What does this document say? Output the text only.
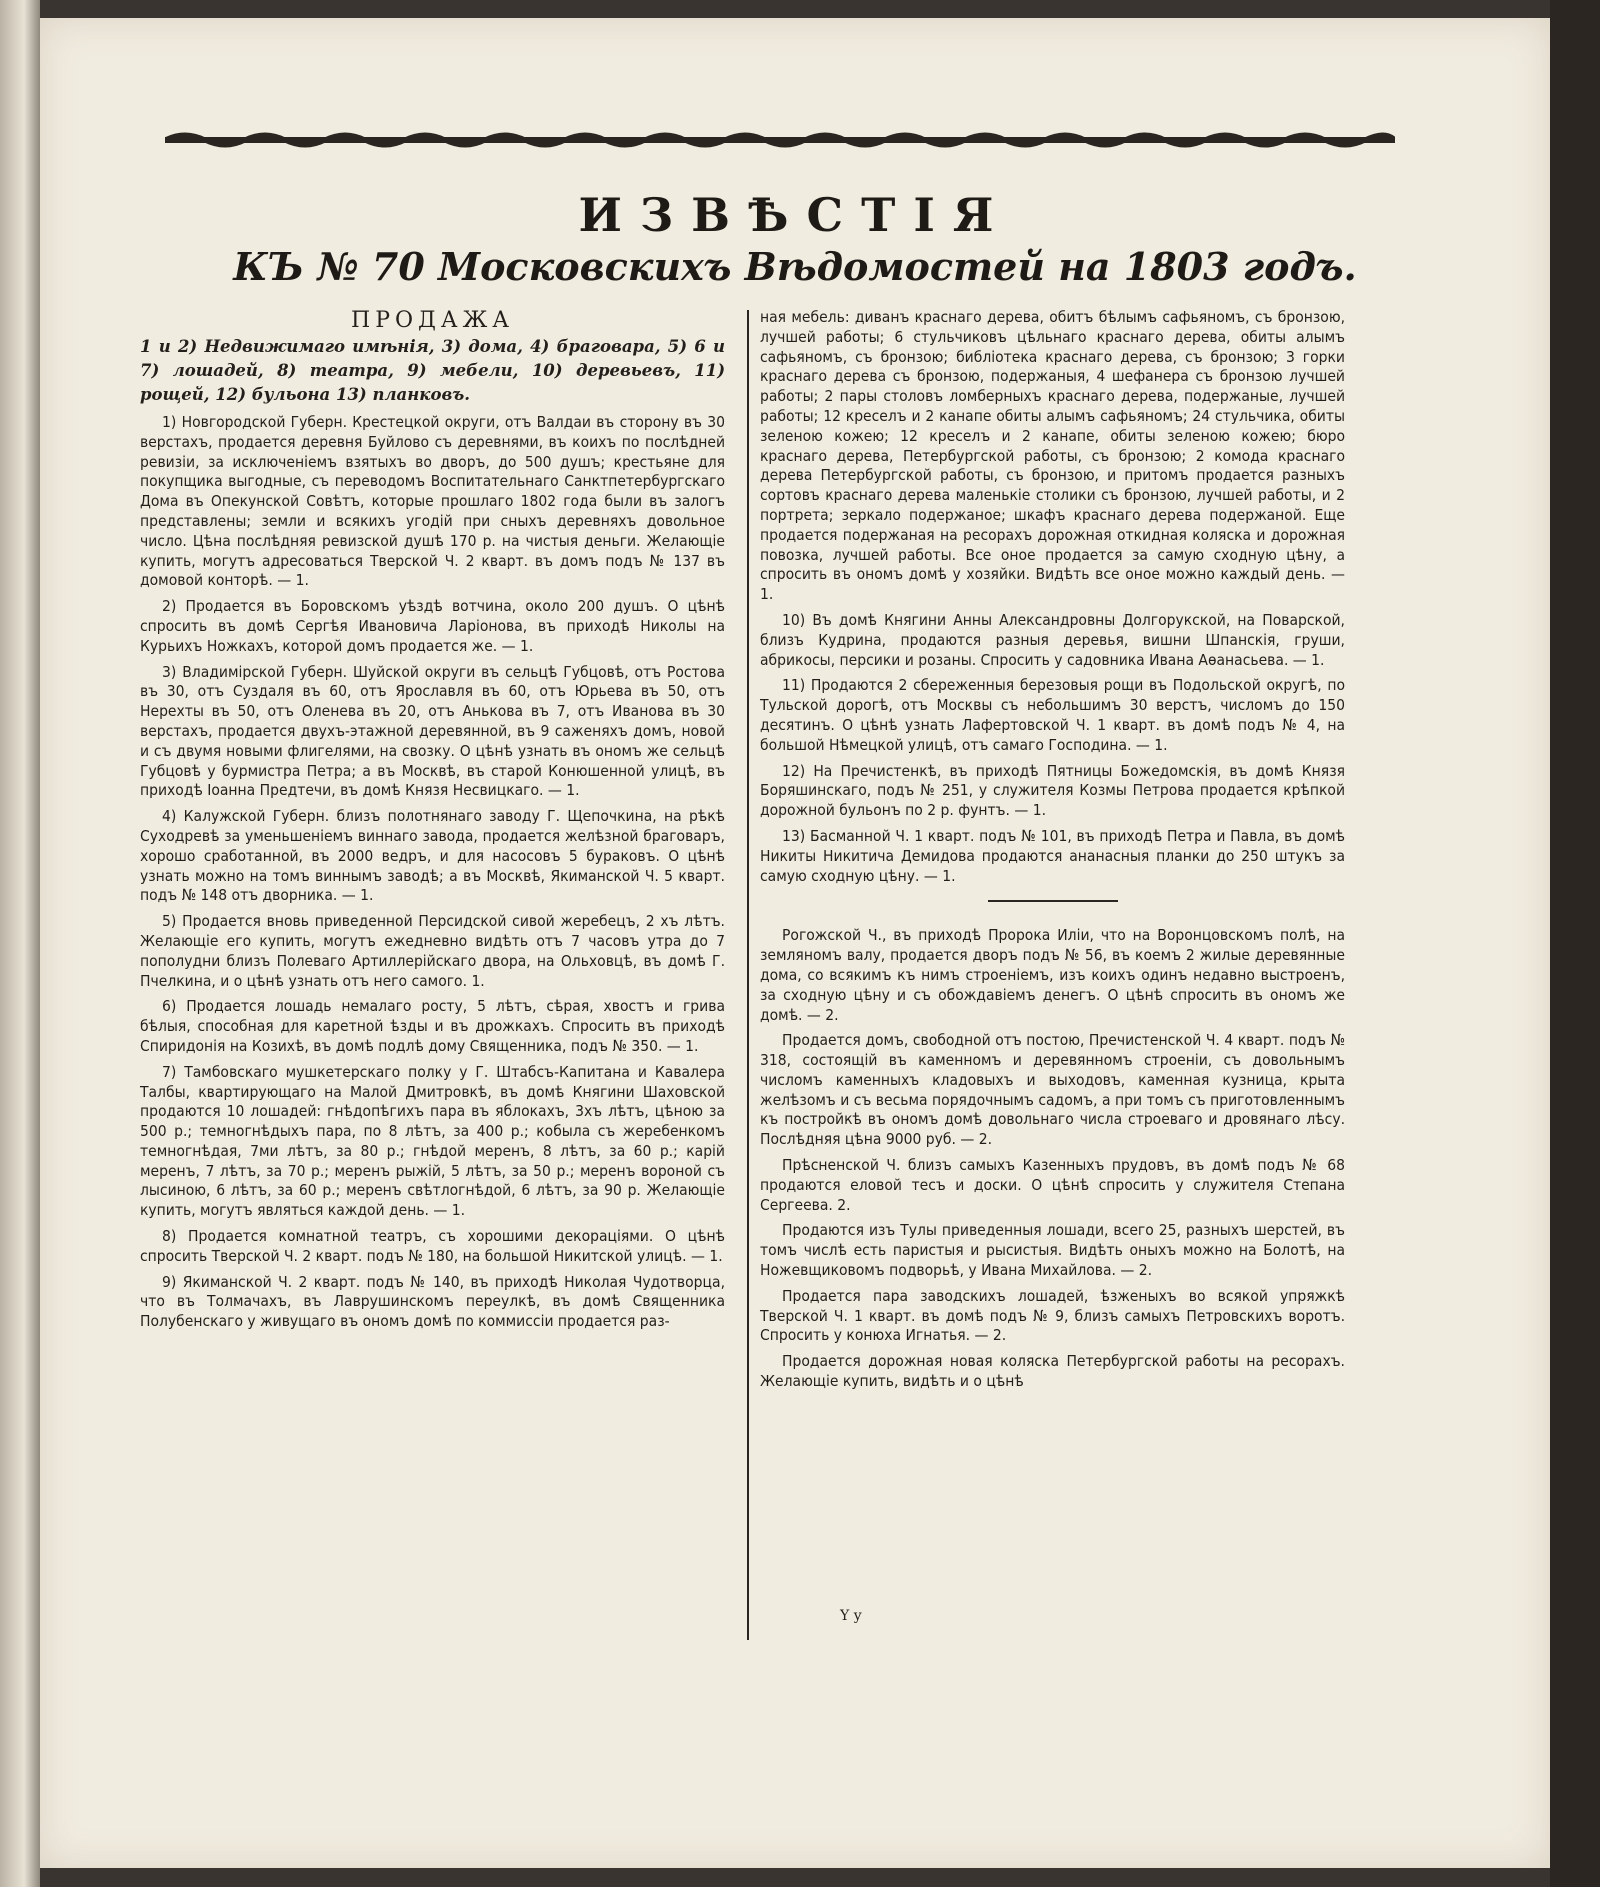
ИЗВѢСТІЯ
КЪ № 70 Московскихъ Вѣдомостей на 1803 годъ.
ПРОДАЖА
1 и 2) Недвижимаго имѣнія, 3) дома, 4) браговара, 5) 6 и 7) лошадей, 8) театра, 9) мебели, 10) деревьевъ, 11) рощей, 12) бульона 13) планковъ.
1) Новгородской Губерн. Крестецкой округи, отъ Валдаи въ сторону въ 30 верстахъ, продается деревня Буйлово съ деревнями, въ коихъ по послѣдней ревизіи, за исключеніемъ взятыхъ во дворъ, до 500 душъ; крестьяне для покупщика выгодные, съ переводомъ Воспитательнаго Санктпетербургскаго Дома въ Опекунской Совѣтъ, которые прошлаго 1802 года были въ залогъ представлены; земли и всякихъ угодій при сныхъ деревняхъ довольное число. Цѣна послѣдняя ревизской душѣ 170 р. на чистыя деньги. Желающіе купить, могутъ адресоваться Тверской Ч. 2 кварт. въ домъ подъ № 137 въ домовой конторѣ. — 1.
2) Продается въ Боровскомъ уѣздѣ вотчина, около 200 душъ. О цѣнѣ спросить въ домѣ Сергѣя Ивановича Ларіонова, въ приходѣ Николы на Курьихъ Ножкахъ, которой домъ продается же. — 1.
3) Владимірской Губерн. Шуйской округи въ сельцѣ Губцовѣ, отъ Ростова въ 30, отъ Суздаля въ 60, отъ Ярославля въ 60, отъ Юрьева въ 50, отъ Нерехты въ 50, отъ Оленева въ 20, отъ Анькова въ 7, отъ Иванова въ 30 верстахъ, продается двухъ-этажной деревянной, въ 9 саженяхъ домъ, новой и съ двумя новыми флигелями, на свозку. О цѣнѣ узнать въ ономъ же сельцѣ Губцовѣ у бурмистра Петра; а въ Москвѣ, въ старой Конюшенной улицѣ, въ приходѣ Іоанна Предтечи, въ домѣ Князя Несвицкаго. — 1.
4) Калужской Губерн. близъ полотнянаго заводу Г. Щепочкина, на рѣкѣ Суходревѣ за уменьшеніемъ виннаго завода, продается желѣзной браговаръ, хорошо сработанной, въ 2000 ведръ, и для насосовъ 5 бураковъ. О цѣнѣ узнать можно на томъ виннымъ заводѣ; а въ Москвѣ, Якиманской Ч. 5 кварт. подъ № 148 отъ дворника. — 1.
5) Продается вновь приведенной Персидской сивой жеребецъ, 2 хъ лѣтъ. Желающіе его купить, могутъ ежедневно видѣть отъ 7 часовъ утра до 7 пополудни близъ Полеваго Артиллерійскаго двора, на Ольховцѣ, въ домѣ Г. Пчелкина, и о цѣнѣ узнать отъ него самого. 1.
6) Продается лошадь немалаго росту, 5 лѣтъ, сѣрая, хвостъ и грива бѣлыя, способная для каретной ѣзды и въ дрожкахъ. Спросить въ приходѣ Спиридонія на Козихѣ, въ домѣ подлѣ дому Священника, подъ № 350. — 1.
7) Тамбовскаго мушкетерскаго полку у Г. Штабсъ-Капитана и Кавалера Талбы, квартирующаго на Малой Дмитровкѣ, въ домѣ Княгини Шаховской продаются 10 лошадей: гнѣдопѣгихъ пара въ яблокахъ, 3хъ лѣтъ, цѣною за 500 р.; темногнѣдыхъ пара, по 8 лѣтъ, за 400 р.; кобыла съ жеребенкомъ темногнѣдая, 7ми лѣтъ, за 80 р.; гнѣдой меренъ, 8 лѣтъ, за 60 р.; карій меренъ, 7 лѣтъ, за 70 р.; меренъ рыжій, 5 лѣтъ, за 50 р.; меренъ вороной съ лысиною, 6 лѣтъ, за 60 р.; меренъ свѣтлогнѣдой, 6 лѣтъ, за 90 р. Желающіе купить, могутъ являться каждой день. — 1.
8) Продается комнатной театръ, съ хорошими декораціями. О цѣнѣ спросить Тверской Ч. 2 кварт. подъ № 180, на большой Никитской улицѣ. — 1.
9) Якиманской Ч. 2 кварт. подъ № 140, въ приходѣ Николая Чудотворца, что въ Толмачахъ, въ Лаврушинскомъ переулкѣ, въ домѣ Священника Полубенскаго у живущаго въ ономъ домѣ по коммиссіи продается раз-
ная мебель: диванъ краснаго дерева, обитъ бѣлымъ сафьяномъ, съ бронзою, лучшей работы; 6 стульчиковъ цѣльнаго краснаго дерева, обиты алымъ сафьяномъ, съ бронзою; библіотека краснаго дерева, съ бронзою; 3 горки краснаго дерева съ бронзою, подержаныя, 4 шефанера съ бронзою лучшей работы; 2 пары столовъ ломберныхъ краснаго дерева, подержаные, лучшей работы; 12 креселъ и 2 канапе обиты алымъ сафьяномъ; 24 стульчика, обиты зеленою кожею; 12 креселъ и 2 канапе, обиты зеленою кожею; бюро краснаго дерева, Петербургской работы, съ бронзою; 2 комода краснаго дерева Петербургской работы, съ бронзою, и притомъ продается разныхъ сортовъ краснаго дерева маленькіе столики съ бронзою, лучшей работы, и 2 портрета; зеркало подержаное; шкафъ краснаго дерева подержаной. Еще продается подержаная на ресорахъ дорожная откидная коляска и дорожная повозка, лучшей работы. Все оное продается за самую сходную цѣну, а спросить въ ономъ домѣ у хозяйки. Видѣть все оное можно каждый день. — 1.
10) Въ домѣ Княгини Анны Александровны Долгорукской, на Поварской, близъ Кудрина, продаются разныя деревья, вишни Шпанскія, груши, абрикосы, персики и розаны. Спросить у садовника Ивана Аѳанасьева. — 1.
11) Продаются 2 сбереженныя березовыя рощи въ Подольской округѣ, по Тульской дорогѣ, отъ Москвы съ небольшимъ 30 верстъ, числомъ до 150 десятинъ. О цѣнѣ узнать Лафертовской Ч. 1 кварт. въ домѣ подъ № 4, на большой Нѣмецкой улицѣ, отъ самаго Господина. — 1.
12) На Пречистенкѣ, въ приходѣ Пятницы Божедомскія, въ домѣ Князя Боряшинскаго, подъ № 251, у служителя Козмы Петрова продается крѣпкой дорожной бульонъ по 2 р. фунтъ. — 1.
13) Басманной Ч. 1 кварт. подъ № 101, въ приходѣ Петра и Павла, въ домѣ Никиты Никитича Демидова продаются ананасныя планки до 250 штукъ за самую сходную цѣну. — 1.
Рогожской Ч., въ приходѣ Пророка Иліи, что на Воронцовскомъ полѣ, на земляномъ валу, продается дворъ подъ № 56, въ коемъ 2 жилые деревянные дома, со всякимъ къ нимъ строеніемъ, изъ коихъ одинъ недавно выстроенъ, за сходную цѣну и съ обождавіемъ денегъ. О цѣнѣ спросить въ ономъ же домѣ. — 2.
Продается домъ, свободной отъ постою, Пречистенской Ч. 4 кварт. подъ № 318, состоящій въ каменномъ и деревянномъ строеніи, съ довольнымъ числомъ каменныхъ кладовыхъ и выходовъ, каменная кузница, крыта желѣзомъ и съ весьма порядочнымъ садомъ, а при томъ съ приготовленнымъ къ постройкѣ въ ономъ домѣ довольнаго числа строеваго и дровянаго лѣсу. Послѣдняя цѣна 9000 руб. — 2.
Прѣсненской Ч. близъ самыхъ Казенныхъ прудовъ, въ домѣ подъ № 68 продаются еловой тесъ и доски. О цѣнѣ спросить у служителя Степана Сергеева. 2.
Продаются изъ Тулы приведенныя лошади, всего 25, разныхъ шерстей, въ томъ числѣ есть паристыя и рысистыя. Видѣть оныхъ можно на Болотѣ, на Ножевщиковомъ подворьѣ, у Ивана Михайлова. — 2.
Продается пара заводскихъ лошадей, ѣзженыхъ во всякой упряжкѣ Тверской Ч. 1 кварт. въ домѣ подъ № 9, близъ самыхъ Петровскихъ воротъ. Спросить у конюха Игнатья. — 2.
Продается дорожная новая коляска Петербургской работы на ресорахъ. Желающіе купить, видѣть и о цѣнѣ
Y y
